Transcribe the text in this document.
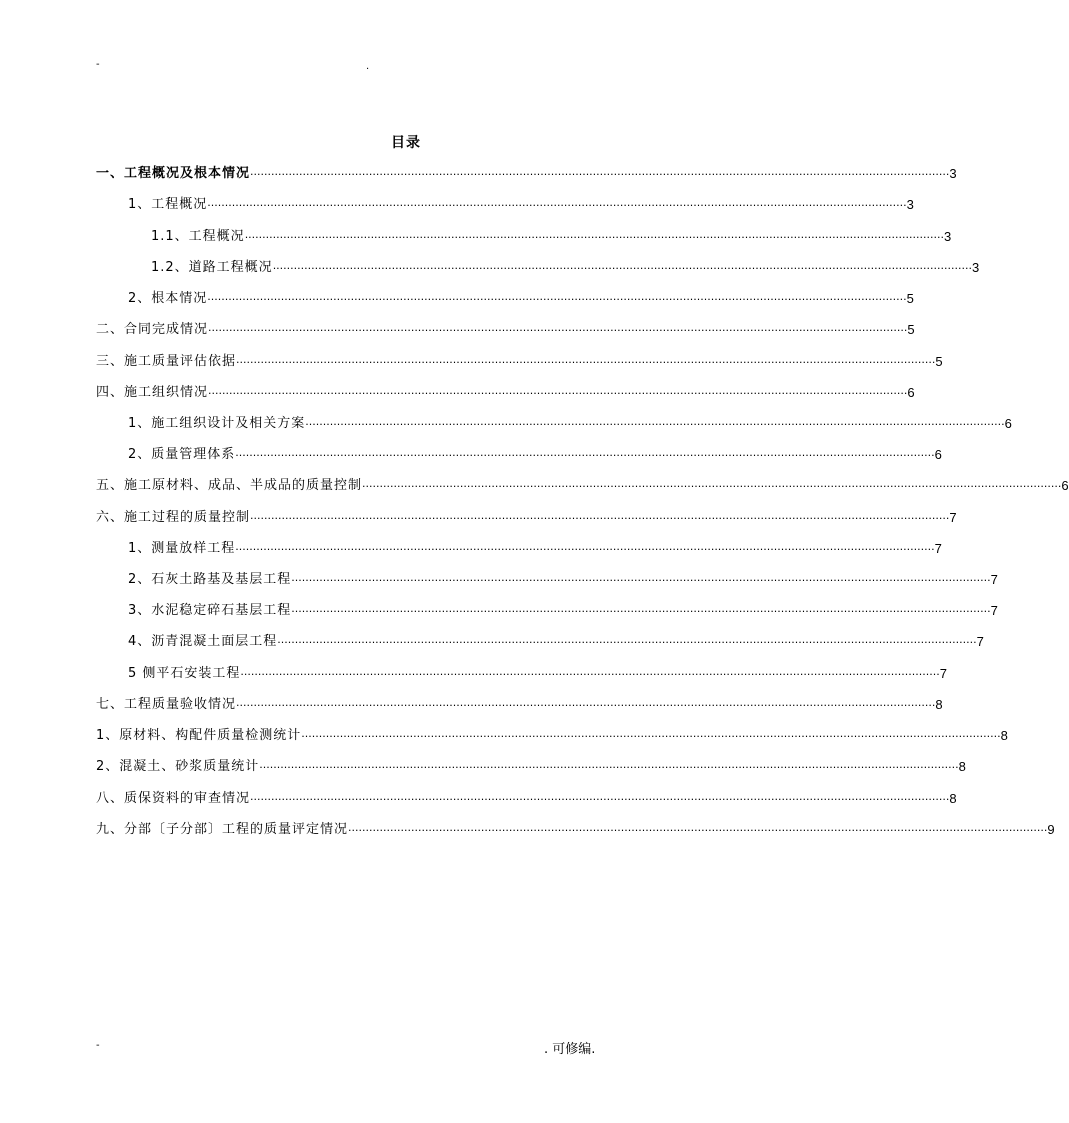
-	.
目录
一、工程概况及根本情况 ········································································································································································································ 3
1、工程概况 ········································································································································································································ 3
1.1、工程概况 ········································································································································································································ 3
1.2、道路工程概况 ········································································································································································································ 3
2、根本情况 ········································································································································································································ 5
二、合同完成情况 ········································································································································································································ 5
三、施工质量评估依据 ········································································································································································································ 5
四、施工组织情况 ········································································································································································································ 6
1、施工组织设计及相关方案 ········································································································································································································ 6
2、质量管理体系 ········································································································································································································ 6
五、施工原材料、成品、半成品的质量控制 ········································································································································································································ 6
六、施工过程的质量控制 ········································································································································································································ 7
1、测量放样工程 ········································································································································································································ 7
2、石灰土路基及基层工程 ········································································································································································································ 7
3、水泥稳定碎石基层工程 ········································································································································································································ 7
4、沥青混凝土面层工程 ········································································································································································································ 7
5 侧平石安装工程 ········································································································································································································ 7
七、工程质量验收情况 ········································································································································································································ 8
1、原材料、构配件质量检测统计 ········································································································································································································ 8
2、混凝土、砂浆质量统计 ········································································································································································································ 8
八、质保资料的审查情况 ········································································································································································································ 8
九、分部〔子分部〕工程的质量评定情况 ········································································································································································································ 9
-	. 可修编.
